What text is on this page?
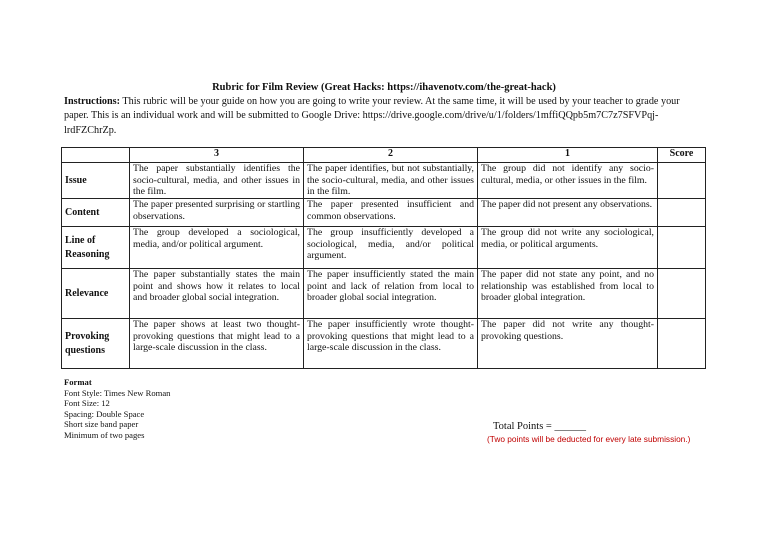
Rubric for Film Review (Great Hacks: https://ihavenotv.com/the-great-hack)
Instructions: This rubric will be your guide on how you are going to write your review. At the same time, it will be used by your teacher to grade your paper. This is an individual work and will be submitted to Google Drive: https://drive.google.com/drive/u/1/folders/1mffiQQpb5m7C7z7SFVPqj-lrdFZChrZp.
	3	2	1	Score
Issue	The paper substantially identifies the socio-cultural, media, and other issues in the film.	The paper identifies, but not substantially, the socio-cultural, media, and other issues in the film.	The group did not identify any socio-cultural, media, or other issues in the film.	
Content	The paper presented surprising or startling observations.	The paper presented insufficient and common observations.	The paper did not present any observations.	
Line of Reasoning	The group developed a sociological, media, and/or political argument.	The group insufficiently developed a sociological, media, and/or political argument.	The group did not write any sociological, media, or political arguments.	
Relevance	The paper substantially states the main point and shows how it relates to local and broader global social integration.	The paper insufficiently stated the main point and lack of relation from local to broader global social integration.	The paper did not state any point, and no relationship was established from local to broader global integration.	
Provoking questions	The paper shows at least two thought-provoking questions that might lead to a large-scale discussion in the class.	The paper insufficiently wrote thought-provoking questions that might lead to a large-scale discussion in the class.	The paper did not write any thought-provoking questions.	
Format
Font Style: Times New Roman
Font Size: 12
Spacing: Double Space
Short size band paper
Minimum of two pages
Total Points = ______
(Two points will be deducted for every late submission.)
